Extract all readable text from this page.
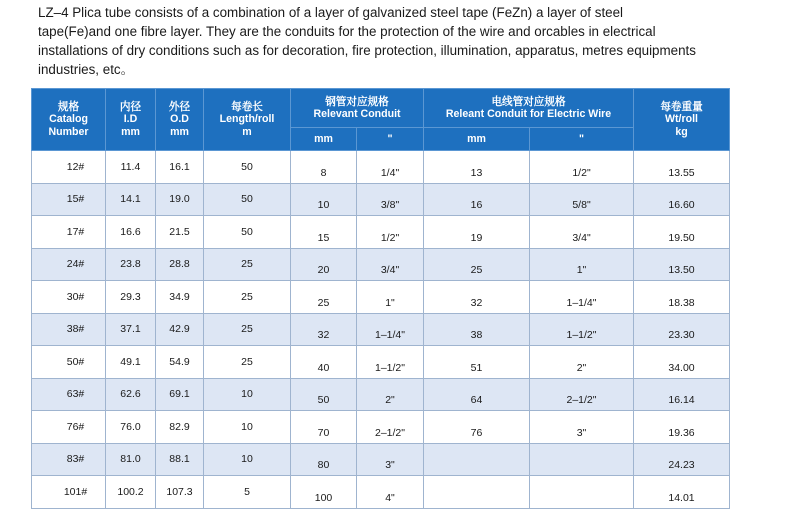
LZ–4 Plica tube consists of a combination of a layer of galvanized steel tape (FeZn) a layer of steel
tape(Fe)and one fibre layer. They are the conduits for the protection of the wire and orcables in electrical
installations of dry conditions such as for decoration, fire protection, illumination, apparatus, metres equipments
industries, etc。
规格
Catalog
Number	内径
I.D
mm	外径
O.D
mm	每卷长
Length/roll
m	钢管对应规格
Relevant Conduit		电线管对应规格
Releant Conduit for Electric Wire		每卷重量
Wt/roll
kg

				mm	"	mm	"	
12#	11.4	16.1	50	8	1/4"	13	1/2"	13.55
15#	14.1	19.0	50	10	3/8"	16	5/8"	16.60
17#	16.6	21.5	50	15	1/2"	19	3/4"	19.50
24#	23.8	28.8	25	20	3/4"	25	1"	13.50
30#	29.3	34.9	25	25	1"	32	1–1/4"	18.38
38#	37.1	42.9	25	32	1–1/4"	38	1–1/2"	23.30
50#	49.1	54.9	25	40	1–1/2"	51	2"	34.00
63#	62.6	69.1	10	50	2"	64	2–1/2"	16.14
76#	76.0	82.9	10	70	2–1/2"	76	3"	19.36
83#	81.0	88.1	10	80	3"			24.23
101#	100.2	107.3	5	100	4"			14.01
